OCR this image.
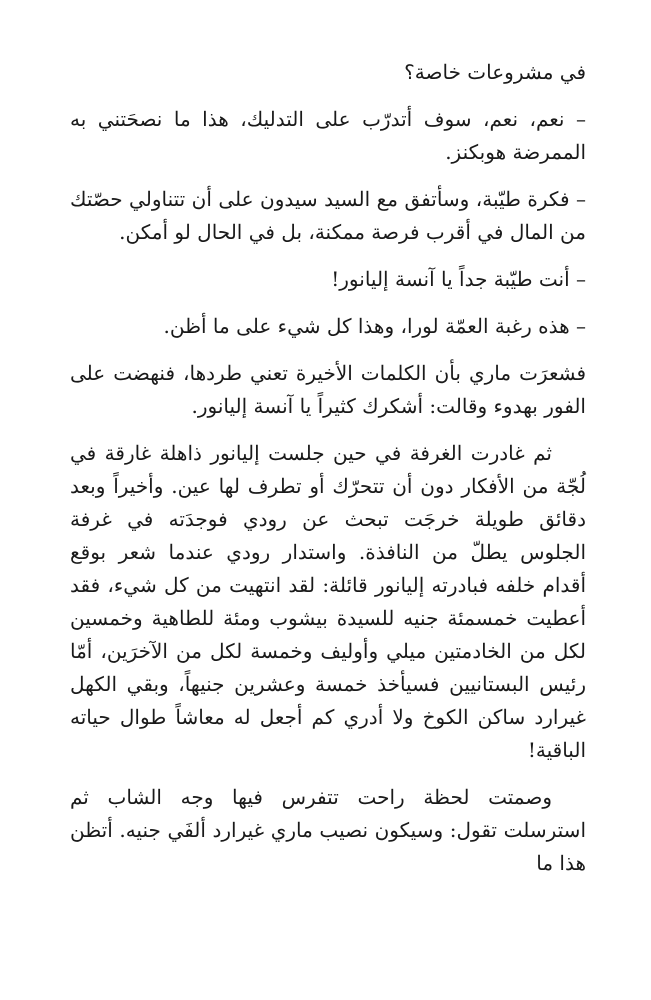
في مشروعات خاصة؟

– نعم، نعم، سوف أتدرّب على التدليك، هذا ما نصحَتني به الممرضة هوبكنز.

– فكرة طيّبة، وسأتفق مع السيد سيدون على أن تتناولي حصّتك من المال في أقرب فرصة ممكنة، بل في الحال لو أمكن.

– أنت طيّبة جداً يا آنسة إليانور!

– هذه رغبة العمّة لورا، وهذا كل شيء على ما أظن.

فشعرَت ماري بأن الكلمات الأخيرة تعني طردها، فنهضت على الفور بهدوء وقالت: أشكرك كثيراً يا آنسة إليانور.

ثم غادرت الغرفة في حين جلست إليانور ذاهلة غارقة في لُجّة من الأفكار دون أن تتحرّك أو تطرف لها عين. وأخيراً وبعد دقائق طويلة خرجَت تبحث عن رودي فوجدَته في غرفة الجلوس يطلّ من النافذة. واستدار رودي عندما شعر بوقع أقدام خلفه فبادرته إليانور قائلة: لقد انتهيت من كل شيء، فقد أعطيت خمسمئة جنيه للسيدة بيشوب ومئة للطاهية وخمسين لكل من الخادمتين ميلي وأوليف وخمسة لكل من الآخرَين، أمّا رئيس البستانيين فسيأخذ خمسة وعشرين جنيهاً، وبقي الكهل غيرارد ساكن الكوخ ولا أدري كم أجعل له معاشاً طوال حياته الباقية!

وصمتت لحظة راحت تتفرس فيها وجه الشاب ثم استرسلت تقول: وسيكون نصيب ماري غيرارد ألفَي جنيه. أتظن هذا ما
